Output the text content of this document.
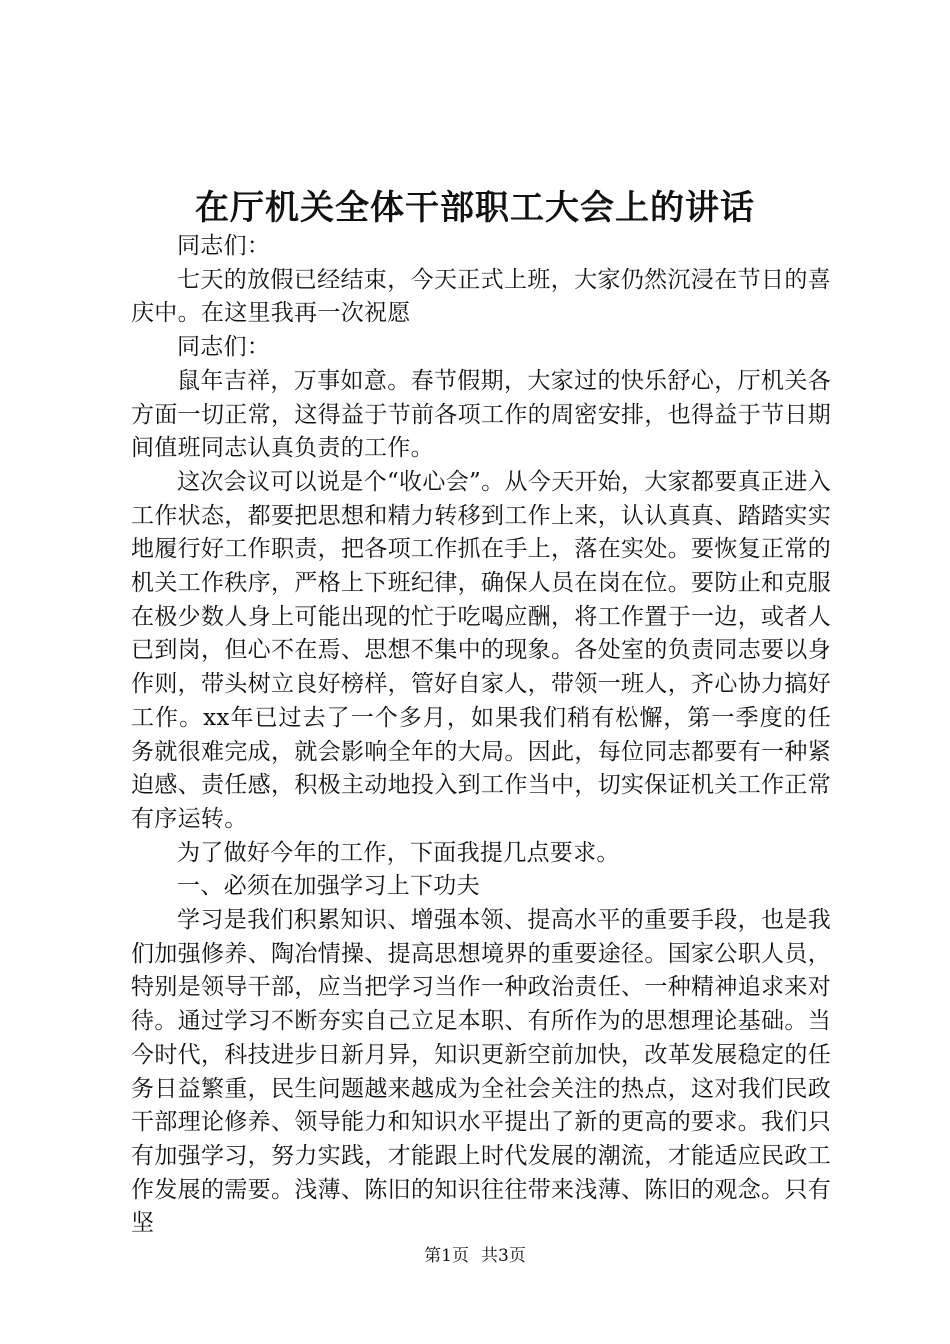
在厅机关全体干部职工大会上的讲话

同志们：

七天的放假已经结束，今天正式上班，大家仍然沉浸在节日的喜庆中。在这里我再一次祝愿

同志们：

鼠年吉祥，万事如意。春节假期，大家过的快乐舒心，厅机关各方面一切正常，这得益于节前各项工作的周密安排，也得益于节日期间值班同志认真负责的工作。

这次会议可以说是个“收心会”。从今天开始，大家都要真正进入工作状态，都要把思想和精力转移到工作上来，认认真真、踏踏实实地履行好工作职责，把各项工作抓在手上，落在实处。要恢复正常的机关工作秩序，严格上下班纪律，确保人员在岗在位。要防止和克服在极少数人身上可能出现的忙于吃喝应酬，将工作置于一边，或者人已到岗，但心不在焉、思想不集中的现象。各处室的负责同志要以身作则，带头树立良好榜样，管好自家人，带领一班人，齐心协力搞好工作。xx年已过去了一个多月，如果我们稍有松懈，第一季度的任务就很难完成，就会影响全年的大局。因此，每位同志都要有一种紧迫感、责任感，积极主动地投入到工作当中，切实保证机关工作正常有序运转。

为了做好今年的工作，下面我提几点要求。

一、必须在加强学习上下功夫

学习是我们积累知识、增强本领、提高水平的重要手段，也是我们加强修养、陶冶情操、提高思想境界的重要途径。国家公职人员，特别是领导干部，应当把学习当作一种政治责任、一种精神追求来对待。通过学习不断夯实自己立足本职、有所作为的思想理论基础。当今时代，科技进步日新月异，知识更新空前加快，改革发展稳定的任务日益繁重，民生问题越来越成为全社会关注的热点，这对我们民政干部理论修养、领导能力和知识水平提出了新的更高的要求。我们只有加强学习，努力实践，才能跟上时代发展的潮流，才能适应民政工作发展的需要。浅薄、陈旧的知识往往带来浅薄、陈旧的观念。只有坚

第1页 共3页
